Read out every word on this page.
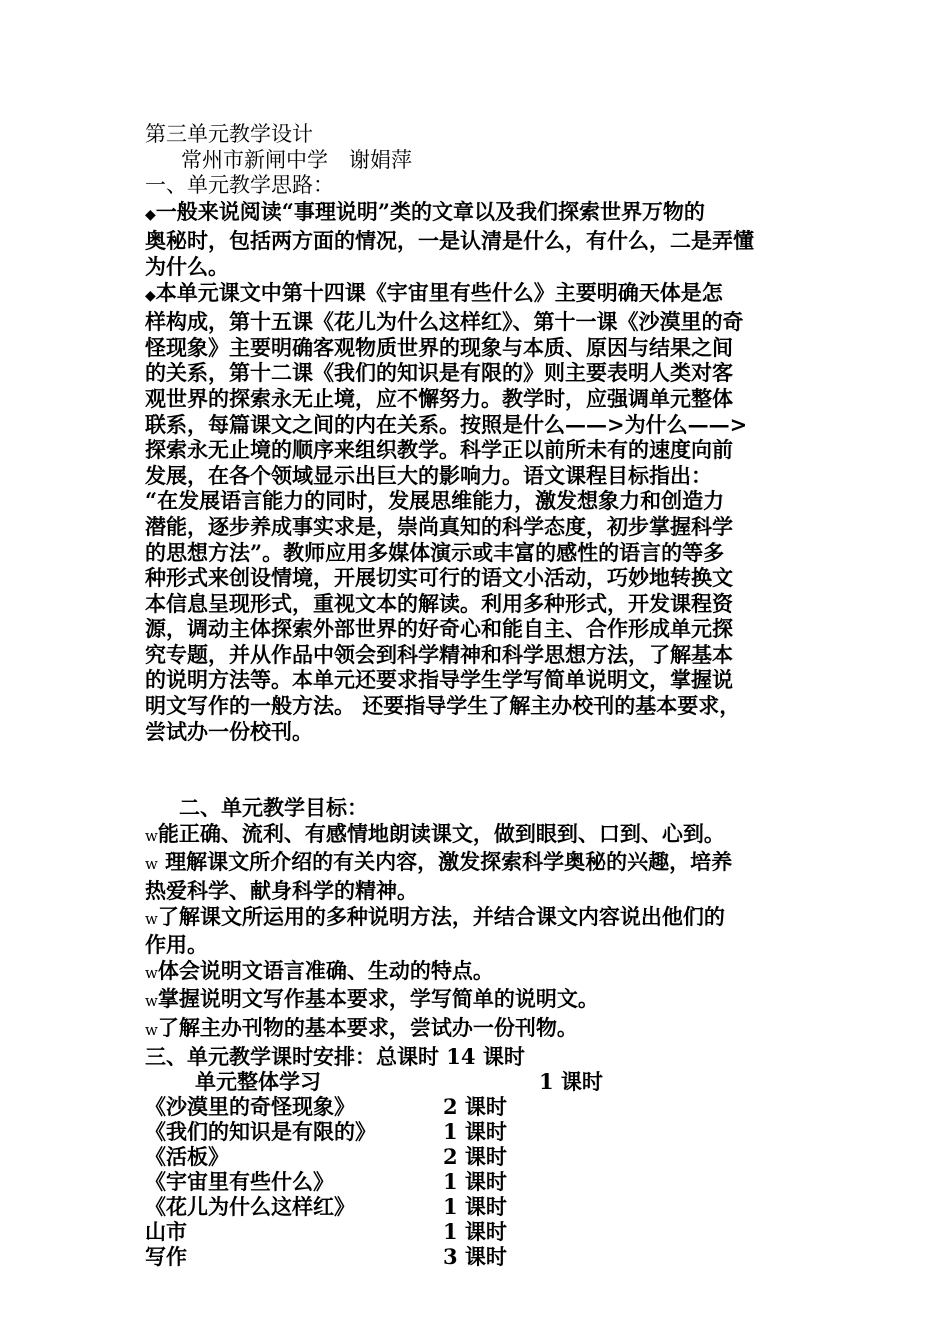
第三单元教学设计
常州市新闸中学　谢娟萍
一、单元教学思路：
◆一般来说阅读“事理说明”类的文章以及我们探索世界万物的
奥秘时，包括两方面的情况，一是认清是什么，有什么，二是弄懂
为什么。
◆本单元课文中第十四课《宇宙里有些什么》主要明确天体是怎
样构成，第十五课《花儿为什么这样红》、第十一课《沙漠里的奇
怪现象》主要明确客观物质世界的现象与本质、原因与结果之间
的关系，第十二课《我们的知识是有限的》则主要表明人类对客
观世界的探索永无止境，应不懈努力。教学时，应强调单元整体
联系，每篇课文之间的内在关系。按照是什么——>为什么——>
探索永无止境的顺序来组织教学。科学正以前所未有的速度向前
发展，在各个领域显示出巨大的影响力。语文课程目标指出：
“在发展语言能力的同时，发展思维能力，激发想象力和创造力
潜能，逐步养成事实求是，崇尚真知的科学态度，初步掌握科学
的思想方法”。教师应用多媒体演示或丰富的感性的语言的等多
种形式来创设情境，开展切实可行的语文小活动，巧妙地转换文
本信息呈现形式，重视文本的解读。利用多种形式，开发课程资
源，调动主体探索外部世界的好奇心和能自主、合作形成单元探
究专题，并从作品中领会到科学精神和科学思想方法，了解基本
的说明方法等。本单元还要求指导学生学写简单说明文，掌握说
明文写作的一般方法。 还要指导学生了解主办校刊的基本要求，
尝试办一份校刊。
二、单元教学目标：
w能正确、流利、有感情地朗读课文，做到眼到、口到、心到。
w 理解课文所介绍的有关内容，激发探索科学奥秘的兴趣，培养
热爱科学、献身科学的精神。
w了解课文所运用的多种说明方法，并结合课文内容说出他们的
作用。
w体会说明文语言准确、生动的特点。
w掌握说明文写作基本要求，学写简单的说明文。
w了解主办刊物的基本要求，尝试办一份刊物。
三、单元教学课时安排：总课时 14 课时
单元整体学习	1 课时
《沙漠里的奇怪现象》	2 课时
《我们的知识是有限的》	1 课时
《活板》	2 课时
《宇宙里有些什么》	1 课时
《花儿为什么这样红》	1 课时
山市	1 课时
写作	3 课时
